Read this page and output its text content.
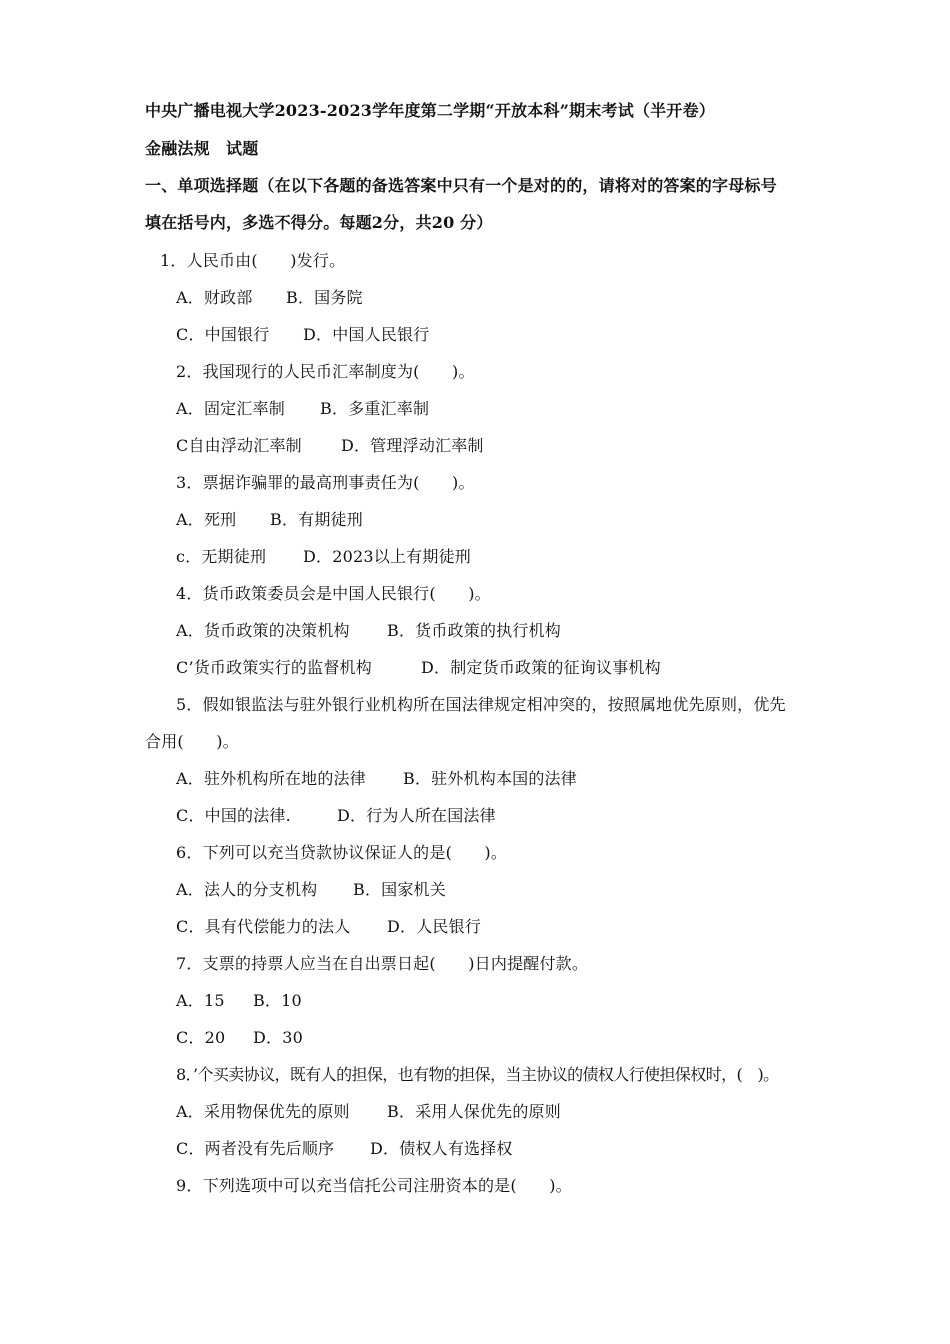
中央广播电视大学2023-2023学年度第二学期“开放本科”期末考试（半开卷）
金融法规　试题
一、单项选择题（在以下各题的备选答案中只有一个是对的的，请将对的答案的字母标号
填在括号内，多选不得分。每题2分，共20 分）
1．人民币由(　　)发行。
A．财政部 B．国务院
C．中国银行 D．中国人民银行
2．我国现行的人民币汇率制度为(　　)。
A．固定汇率制 B．多重汇率制
C自由浮动汇率制 D．管理浮动汇率制
3．票据诈骗罪的最高刑事责任为(　　)。
A．死刑 B．有期徒刑
c．无期徒刑 D．2023以上有期徒刑
4．货币政策委员会是中国人民银行(　　)。
A．货币政策的决策机构 B．货币政策的执行机构
C’货币政策实行的监督机构	D．制定货币政策的征询议事机构
5．假如银监法与驻外银行业机构所在国法律规定相冲突的，按照属地优先原则，优先
合用(　　)。
A．驻外机构所在地的法律 B．驻外机构本国的法律
C．中国的法律.	D．行为人所在国法律
6．下列可以充当贷款协议保证人的是(　　)。
A．法人的分支机构 B．国家机关
C．具有代偿能力的法人 D．人民银行
7．支票的持票人应当在自出票日起(　　)日内提醒付款。
A．15 B．10
C．20 D．30
8．’个买卖协议，既有人的担保，也有物的担保，当主协议的债权人行使担保权时，(　)。
A．采用物保优先的原则 B．采用人保优先的原则
C．两者没有先后顺序 D．债权人有选择权
9．下列选项中可以充当信托公司注册资本的是(　　)。
